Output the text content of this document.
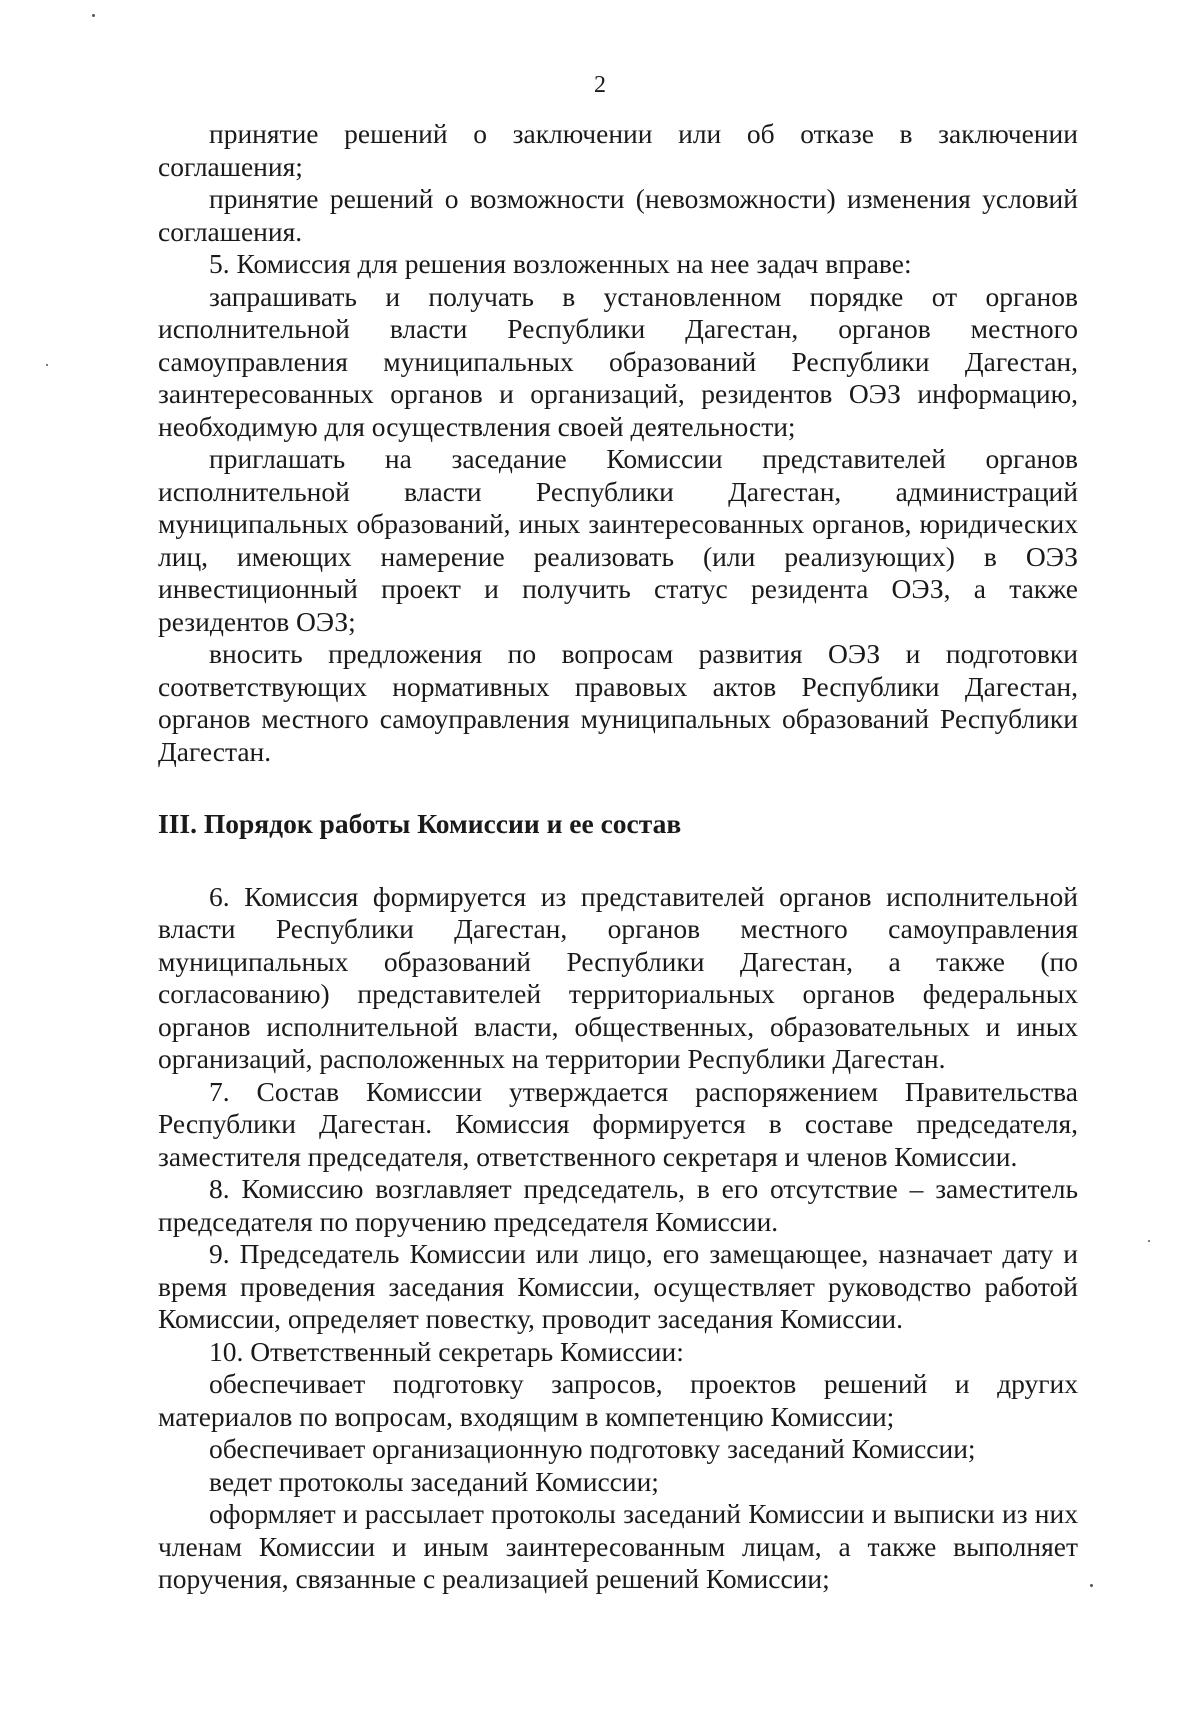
2

принятие решений о заключении или об отказе в заключении соглашения;

принятие решений о возможности (невозможности) изменения условий соглашения.

5. Комиссия для решения возложенных на нее задач вправе:

запрашивать и получать в установленном порядке от органов исполнительной власти Республики Дагестан, органов местного самоуправления муниципальных образований Республики Дагестан, заинтересованных органов и организаций, резидентов ОЭЗ информацию, необходимую для осуществления своей деятельности;

приглашать на заседание Комиссии представителей органов исполнительной власти Республики Дагестан, администраций муниципальных образований, иных заинтересованных органов, юридических лиц, имеющих намерение реализовать (или реализующих) в ОЭЗ инвестиционный проект и получить статус резидента ОЭЗ, а также резидентов ОЭЗ;

вносить предложения по вопросам развития ОЭЗ и подготовки соответствующих нормативных правовых актов Республики Дагестан, органов местного самоуправления муниципальных образований Республики Дагестан.

III. Порядок работы Комиссии и ее состав

6. Комиссия формируется из представителей органов исполнительной власти Республики Дагестан, органов местного самоуправления муниципальных образований Республики Дагестан, а также (по согласованию) представителей территориальных органов федеральных органов исполнительной власти, общественных, образовательных и иных организаций, расположенных на территории Республики Дагестан.

7. Состав Комиссии утверждается распоряжением Правительства Республики Дагестан. Комиссия формируется в составе председателя, заместителя председателя, ответственного секретаря и членов Комиссии.

8. Комиссию возглавляет председатель, в его отсутствие – заместитель председателя по поручению председателя Комиссии.

9. Председатель Комиссии или лицо, его замещающее, назначает дату и время проведения заседания Комиссии, осуществляет руководство работой Комиссии, определяет повестку, проводит заседания Комиссии.

10. Ответственный секретарь Комиссии:

обеспечивает подготовку запросов, проектов решений и других материалов по вопросам, входящим в компетенцию Комиссии;

обеспечивает организационную подготовку заседаний Комиссии;

ведет протоколы заседаний Комиссии;

оформляет и рассылает протоколы заседаний Комиссии и выписки из них членам Комиссии и иным заинтересованным лицам, а также выполняет поручения, связанные с реализацией решений Комиссии;
